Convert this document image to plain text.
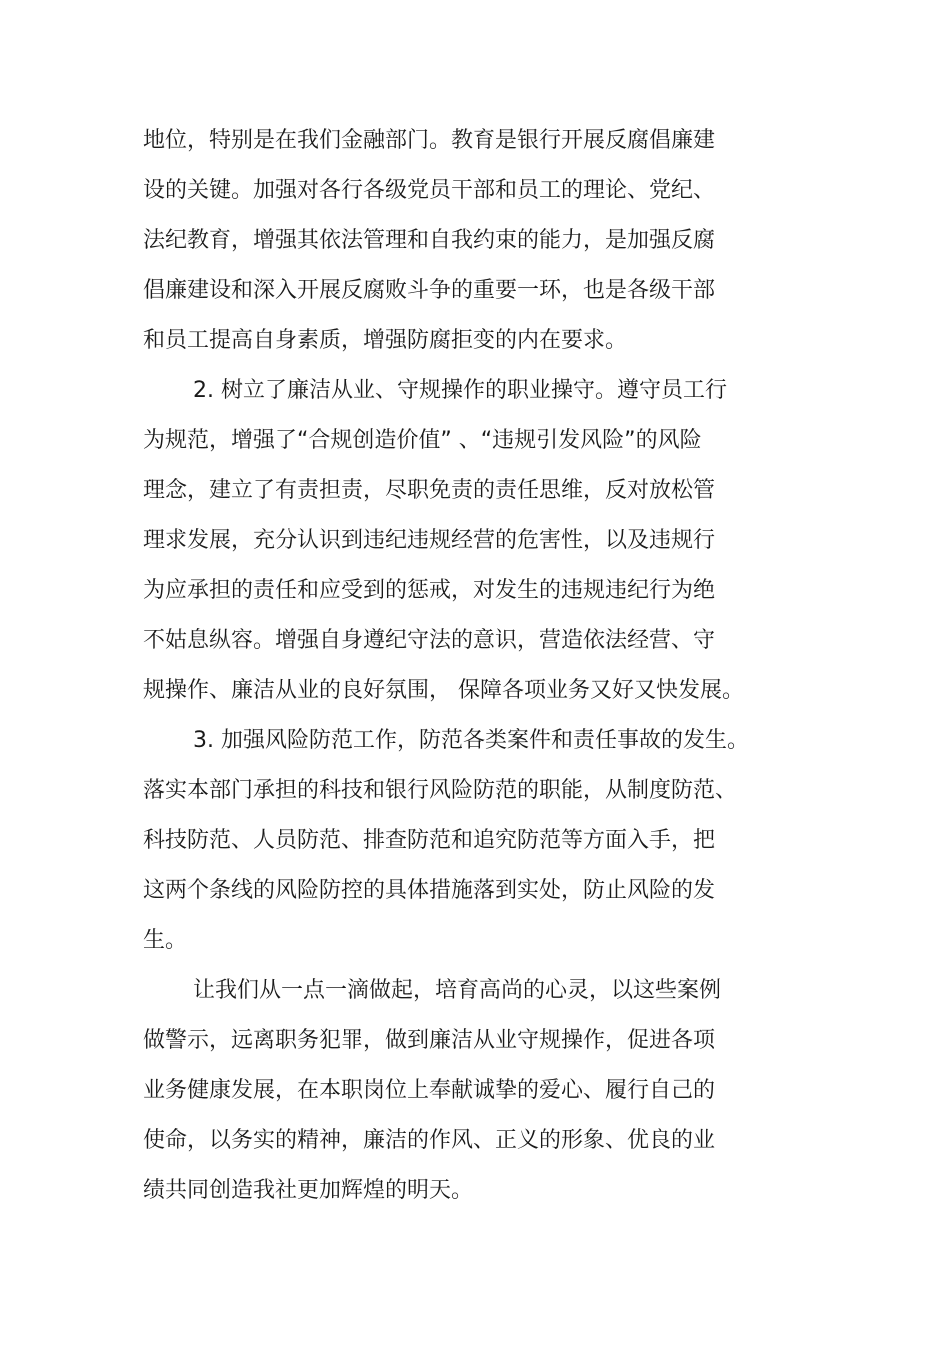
地位，特别是在我们金融部门。教育是银行开展反腐倡廉建
设的关键。加强对各行各级党员干部和员工的理论、党纪、
法纪教育，增强其依法管理和自我约束的能力，是加强反腐
倡廉建设和深入开展反腐败斗争的重要一环，也是各级干部
和员工提高自身素质，增强防腐拒变的内在要求。
2. 树立了廉洁从业、守规操作的职业操守。遵守员工行
为规范，增强了“合规创造价值” 、“违规引发风险”的风险
理念，建立了有责担责，尽职免责的责任思维，反对放松管
理求发展，充分认识到违纪违规经营的危害性，以及违规行
为应承担的责任和应受到的惩戒，对发生的违规违纪行为绝
不姑息纵容。增强自身遵纪守法的意识，营造依法经营、守
规操作、廉洁从业的良好氛围， 保障各项业务又好又快发展。
3. 加强风险防范工作，防范各类案件和责任事故的发生。
落实本部门承担的科技和银行风险防范的职能，从制度防范、
科技防范、人员防范、排查防范和追究防范等方面入手，把
这两个条线的风险防控的具体措施落到实处，防止风险的发
生。
让我们从一点一滴做起，培育高尚的心灵，以这些案例
做警示，远离职务犯罪，做到廉洁从业守规操作，促进各项
业务健康发展，在本职岗位上奉献诚挚的爱心、履行自己的
使命，以务实的精神，廉洁的作风、正义的形象、优良的业
绩共同创造我社更加辉煌的明天。
